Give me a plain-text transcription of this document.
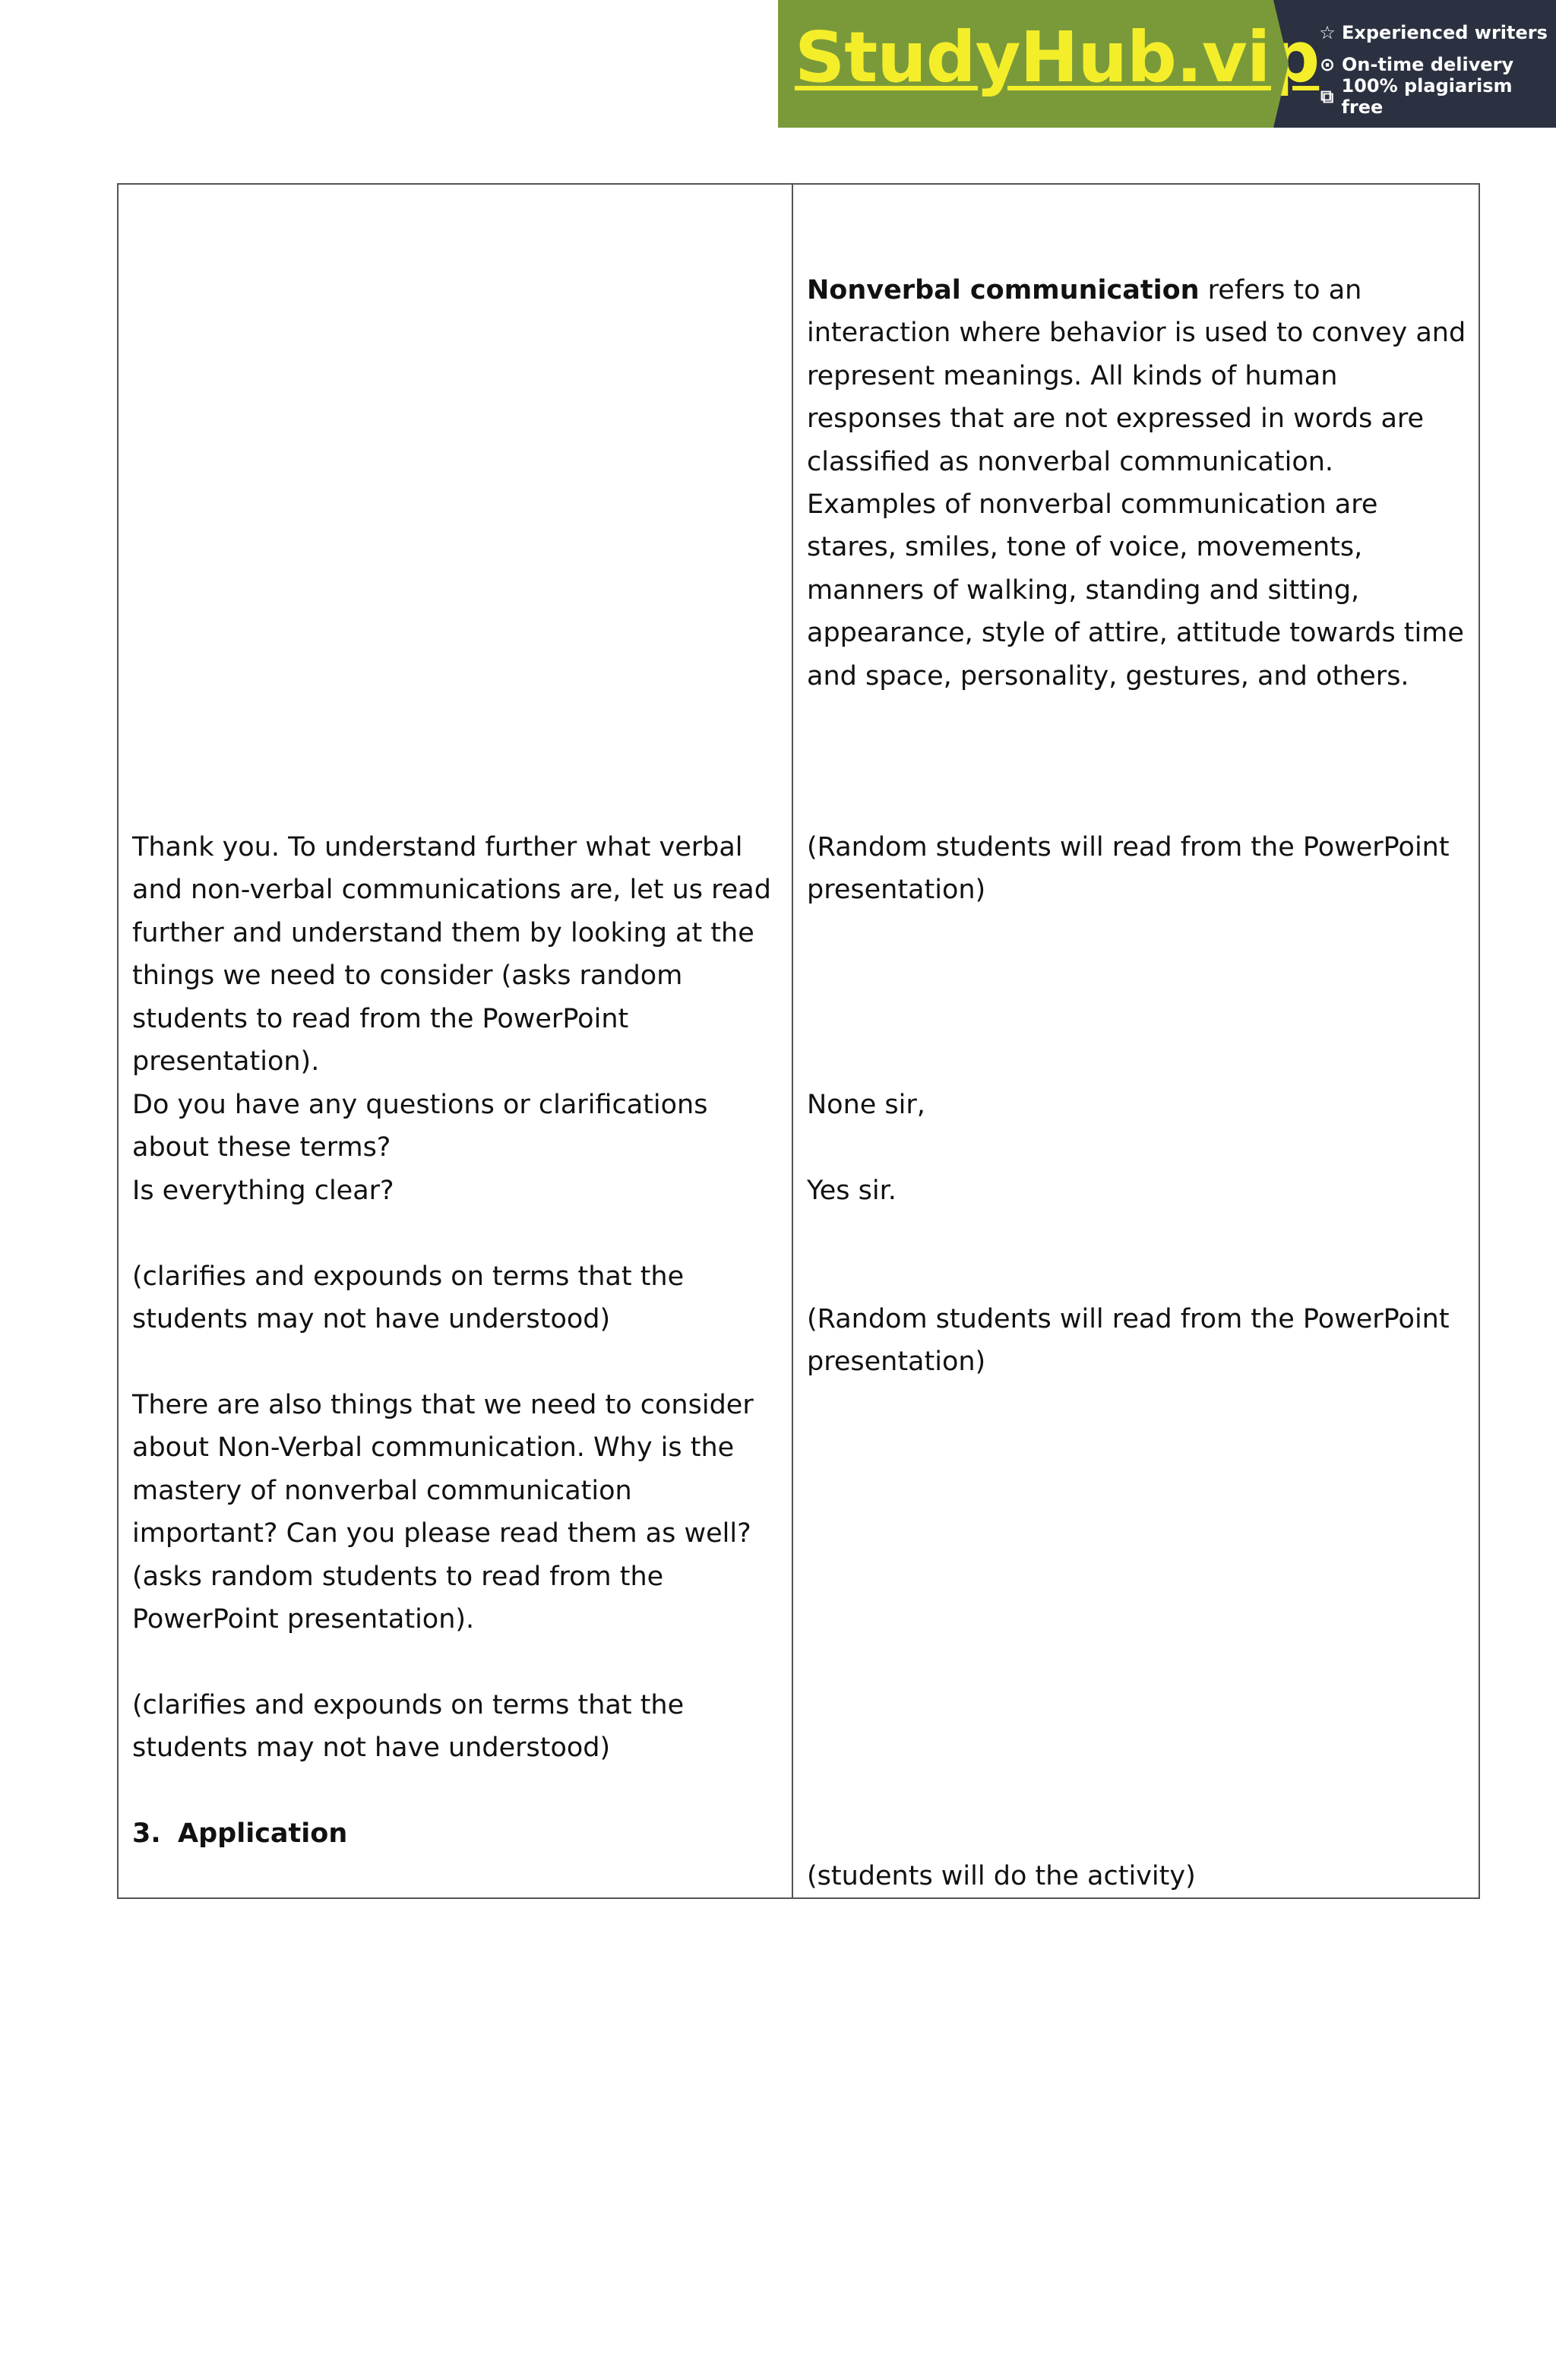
StudyHub.vip ☆ Experienced writers
⊙ On-time delivery
⧉ 100% plagiarism free

Thank you. To understand further what verbal and non-verbal communications are, let us read further and understand them by looking at the things we need to consider (asks random students to read from the PowerPoint presentation).

Do you have any questions or clarifications about these terms?

Is everything clear?

(clarifies and expounds on terms that the students may not have understood)

There are also things that we need to consider about Non-Verbal communication. Why is the mastery of nonverbal communication important? Can you please read them as well? (asks random students to read from the PowerPoint presentation).

(clarifies and expounds on terms that the students may not have understood)

3. Application

Nonverbal communication refers to an interaction where behavior is used to convey and represent meanings. All kinds of human responses that are not expressed in words are classified as nonverbal communication. Examples of nonverbal communication are stares, smiles, tone of voice, movements, manners of walking, standing and sitting, appearance, style of attire, attitude towards time and space, personality, gestures, and others.

(Random students will read from the PowerPoint presentation)

None sir,

Yes sir.

(Random students will read from the PowerPoint presentation)

(students will do the activity)
